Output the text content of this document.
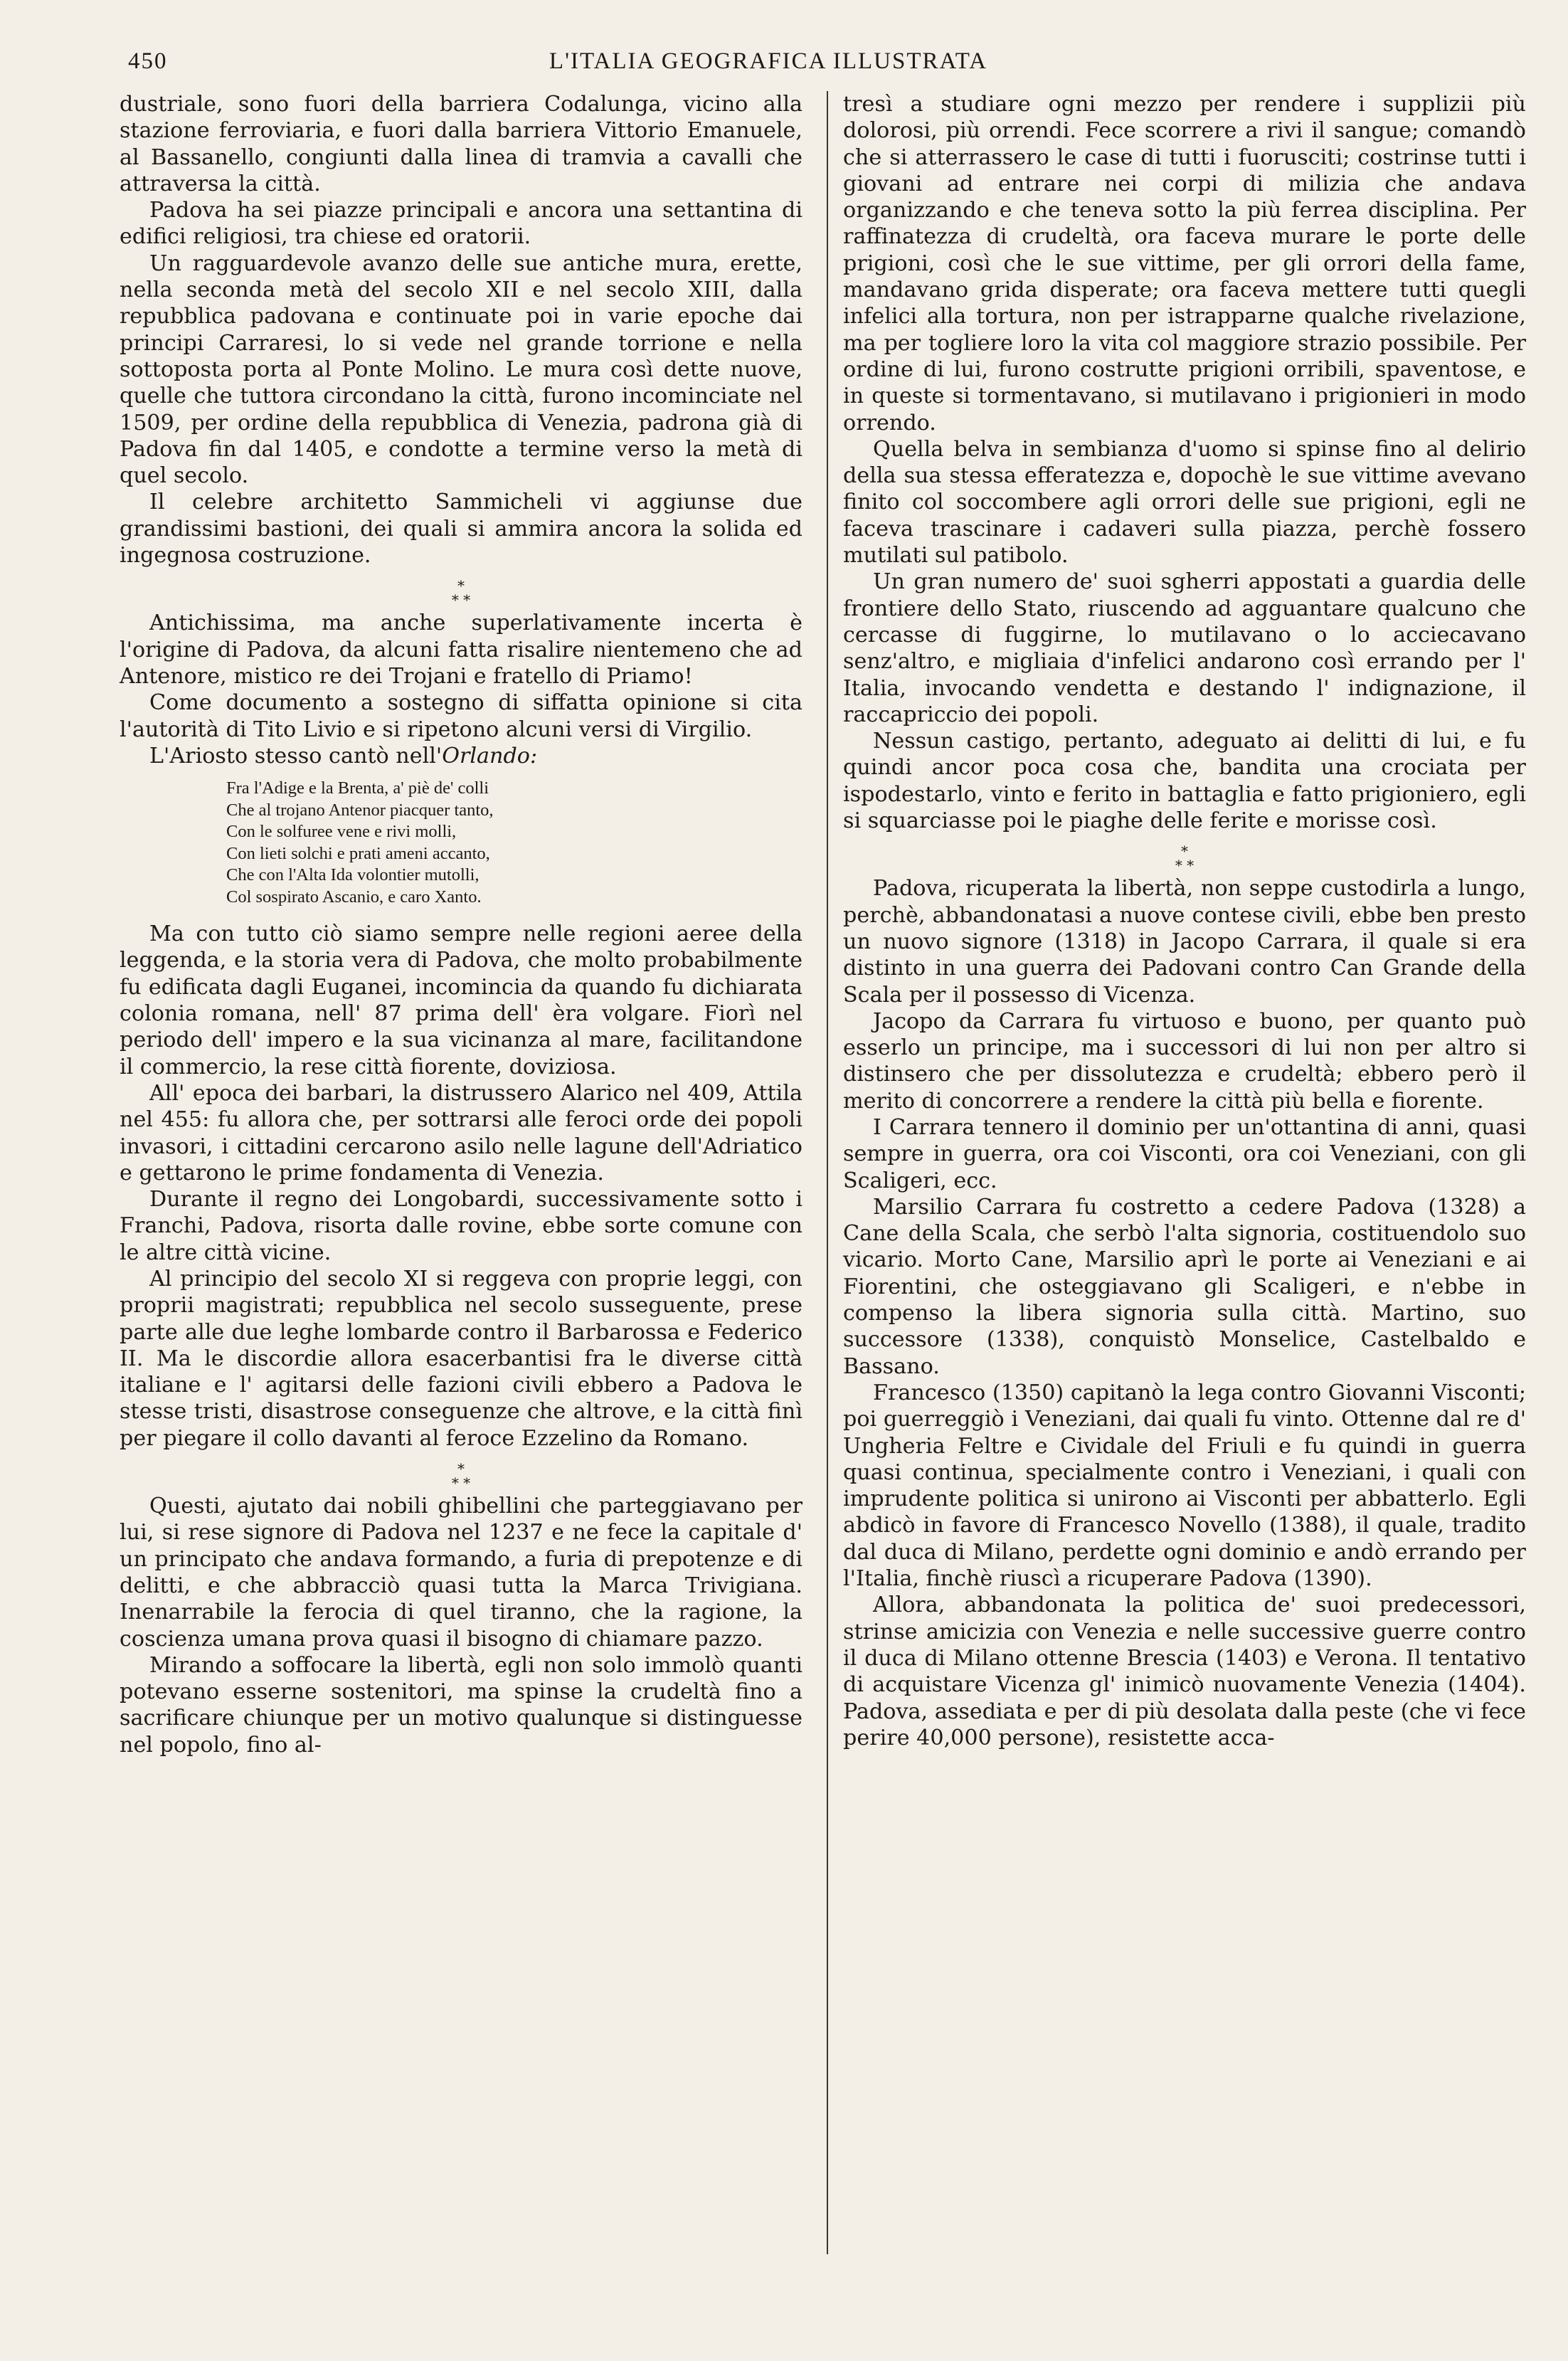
450	L'ITALIA GEOGRAFICA ILLUSTRATA

dustriale, sono fuori della barriera Codalunga, vicino alla stazione ferroviaria, e fuori dalla barriera Vittorio Emanuele, al Bassanello, congiunti dalla linea di tramvia a cavalli che attraversa la città.

Padova ha sei piazze principali e ancora una settantina di edifici religiosi, tra chiese ed oratorii.

Un ragguardevole avanzo delle sue antiche mura, erette, nella seconda metà del secolo XII e nel secolo XIII, dalla repubblica padovana e continuate poi in varie epoche dai principi Carraresi, lo si vede nel grande torrione e nella sottoposta porta al Ponte Molino. Le mura così dette nuove, quelle che tuttora circondano la città, furono incominciate nel 1509, per ordine della repubblica di Venezia, padrona già di Padova fin dal 1405, e condotte a termine verso la metà di quel secolo.

Il celebre architetto Sammicheli vi aggiunse due grandissimi bastioni, dei quali si ammira ancora la solida ed ingegnosa costruzione.

*
* *

Antichissima, ma anche superlativamente incerta è l'origine di Padova, da alcuni fatta risalire nientemeno che ad Antenore, mistico re dei Trojani e fratello di Priamo!

Come documento a sostegno di siffatta opinione si cita l'autorità di Tito Livio e si ripetono alcuni versi di Virgilio.

L'Ariosto stesso cantò nell'Orlando:

Fra l'Adige e la Brenta, a' piè de' colli
Che al trojano Antenor piacquer tanto,
Con le solfuree vene e rivi molli,
Con lieti solchi e prati ameni accanto,
Che con l'Alta Ida volontier mutolli,
Col sospirato Ascanio, e caro Xanto.

Ma con tutto ciò siamo sempre nelle regioni aeree della leggenda, e la storia vera di Padova, che molto probabilmente fu edificata dagli Euganei, incomincia da quando fu dichiarata colonia romana, nell' 87 prima dell' èra volgare. Fiorì nel periodo dell' impero e la sua vicinanza al mare, facilitandone il commercio, la rese città fiorente, doviziosa.

All' epoca dei barbari, la distrussero Alarico nel 409, Attila nel 455: fu allora che, per sottrarsi alle feroci orde dei popoli invasori, i cittadini cercarono asilo nelle lagune dell'Adriatico e gettarono le prime fondamenta di Venezia.

Durante il regno dei Longobardi, successivamente sotto i Franchi, Padova, risorta dalle rovine, ebbe sorte comune con le altre città vicine.

Al principio del secolo XI si reggeva con proprie leggi, con proprii magistrati; repubblica nel secolo susseguente, prese parte alle due leghe lombarde contro il Barbarossa e Federico II. Ma le discordie allora esacerbantisi fra le diverse città italiane e l' agitarsi delle fazioni civili ebbero a Padova le stesse tristi, disastrose conseguenze che altrove, e la città finì per piegare il collo davanti al feroce Ezzelino da Romano.

*
* *

Questi, ajutato dai nobili ghibellini che parteggiavano per lui, si rese signore di Padova nel 1237 e ne fece la capitale d' un principato che andava formando, a furia di prepotenze e di delitti, e che abbracciò quasi tutta la Marca Trivigiana. Inenarrabile la ferocia di quel tiranno, che la ragione, la coscienza umana prova quasi il bisogno di chiamare pazzo.

Mirando a soffocare la libertà, egli non solo immolò quanti potevano esserne sostenitori, ma spinse la crudeltà fino a sacrificare chiunque per un motivo qualunque si distinguesse nel popolo, fino al-

tresì a studiare ogni mezzo per rendere i supplizii più dolorosi, più orrendi. Fece scorrere a rivi il sangue; comandò che si atterrassero le case di tutti i fuorusciti; costrinse tutti i giovani ad entrare nei corpi di milizia che andava organizzando e che teneva sotto la più ferrea disciplina. Per raffinatezza di crudeltà, ora faceva murare le porte delle prigioni, così che le sue vittime, per gli orrori della fame, mandavano grida disperate; ora faceva mettere tutti quegli infelici alla tortura, non per istrapparne qualche rivelazione, ma per togliere loro la vita col maggiore strazio possibile. Per ordine di lui, furono costrutte prigioni orribili, spaventose, e in queste si tormentavano, si mutilavano i prigionieri in modo orrendo.

Quella belva in sembianza d'uomo si spinse fino al delirio della sua stessa efferatezza e, dopochè le sue vittime avevano finito col soccombere agli orrori delle sue prigioni, egli ne faceva trascinare i cadaveri sulla piazza, perchè fossero mutilati sul patibolo.

Un gran numero de' suoi sgherri appostati a guardia delle frontiere dello Stato, riuscendo ad agguantare qualcuno che cercasse di fuggirne, lo mutilavano o lo acciecavano senz'altro, e migliaia d'infelici andarono così errando per l' Italia, invocando vendetta e destando l' indignazione, il raccapriccio dei popoli.

Nessun castigo, pertanto, adeguato ai delitti di lui, e fu quindi ancor poca cosa che, bandita una crociata per ispodestarlo, vinto e ferito in battaglia e fatto prigioniero, egli si squarciasse poi le piaghe delle ferite e morisse così.

*
* *

Padova, ricuperata la libertà, non seppe custodirla a lungo, perchè, abbandonatasi a nuove contese civili, ebbe ben presto un nuovo signore (1318) in Jacopo Carrara, il quale si era distinto in una guerra dei Padovani contro Can Grande della Scala per il possesso di Vicenza.

Jacopo da Carrara fu virtuoso e buono, per quanto può esserlo un principe, ma i successori di lui non per altro si distinsero che per dissolutezza e crudeltà; ebbero però il merito di concorrere a rendere la città più bella e fiorente.

I Carrara tennero il dominio per un'ottantina di anni, quasi sempre in guerra, ora coi Visconti, ora coi Veneziani, con gli Scaligeri, ecc.

Marsilio Carrara fu costretto a cedere Padova (1328) a Cane della Scala, che serbò l'alta signoria, costituendolo suo vicario. Morto Cane, Marsilio aprì le porte ai Veneziani e ai Fiorentini, che osteggiavano gli Scaligeri, e n'ebbe in compenso la libera signoria sulla città. Martino, suo successore (1338), conquistò Monselice, Castelbaldo e Bassano.

Francesco (1350) capitanò la lega contro Giovanni Visconti; poi guerreggiò i Veneziani, dai quali fu vinto. Ottenne dal re d' Ungheria Feltre e Cividale del Friuli e fu quindi in guerra quasi continua, specialmente contro i Veneziani, i quali con imprudente politica si unirono ai Visconti per abbatterlo. Egli abdicò in favore di Francesco Novello (1388), il quale, tradito dal duca di Milano, perdette ogni dominio e andò errando per l'Italia, finchè riuscì a ricuperare Padova (1390).

Allora, abbandonata la politica de' suoi predecessori, strinse amicizia con Venezia e nelle successive guerre contro il duca di Milano ottenne Brescia (1403) e Verona. Il tentativo di acquistare Vicenza gl' inimicò nuovamente Venezia (1404). Padova, assediata e per di più desolata dalla peste (che vi fece perire 40,000 persone), resistette acca-
